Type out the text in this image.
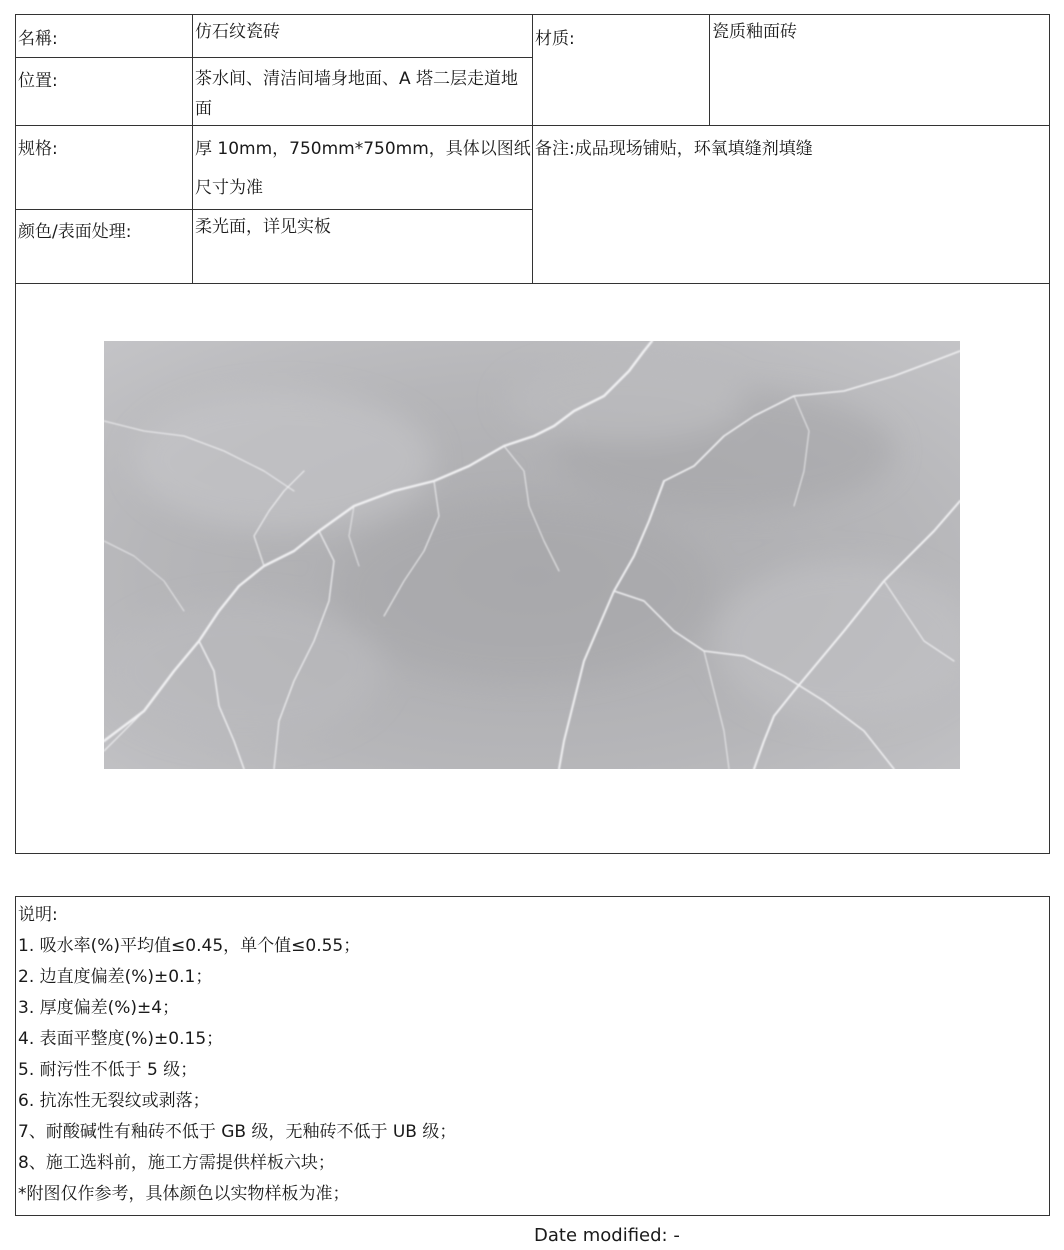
名稱:	仿石纹瓷砖	材质:	瓷质釉面砖
位置:	茶水间、清洁间墙身地面、A 塔二层走道地
面
规格:	厚 10mm，750mm*750mm，具体以图纸
尺寸为准
备注:成品现场铺贴，环氧填缝剂填缝
颜色/表面处理:	柔光面，详见实板
说明:
1. 吸水率(%)平均值≤0.45，单个值≤0.55；
2. 边直度偏差(%)±0.1；
3. 厚度偏差(%)±4；
4. 表面平整度(%)±0.15；
5. 耐污性不低于 5 级；
6. 抗冻性无裂纹或剥落；
7、耐酸碱性有釉砖不低于 GB 级，无釉砖不低于 UB 级；
8、施工选料前，施工方需提供样板六块；
*附图仅作参考，具体颜色以实物样板为准；
Date modified: -
